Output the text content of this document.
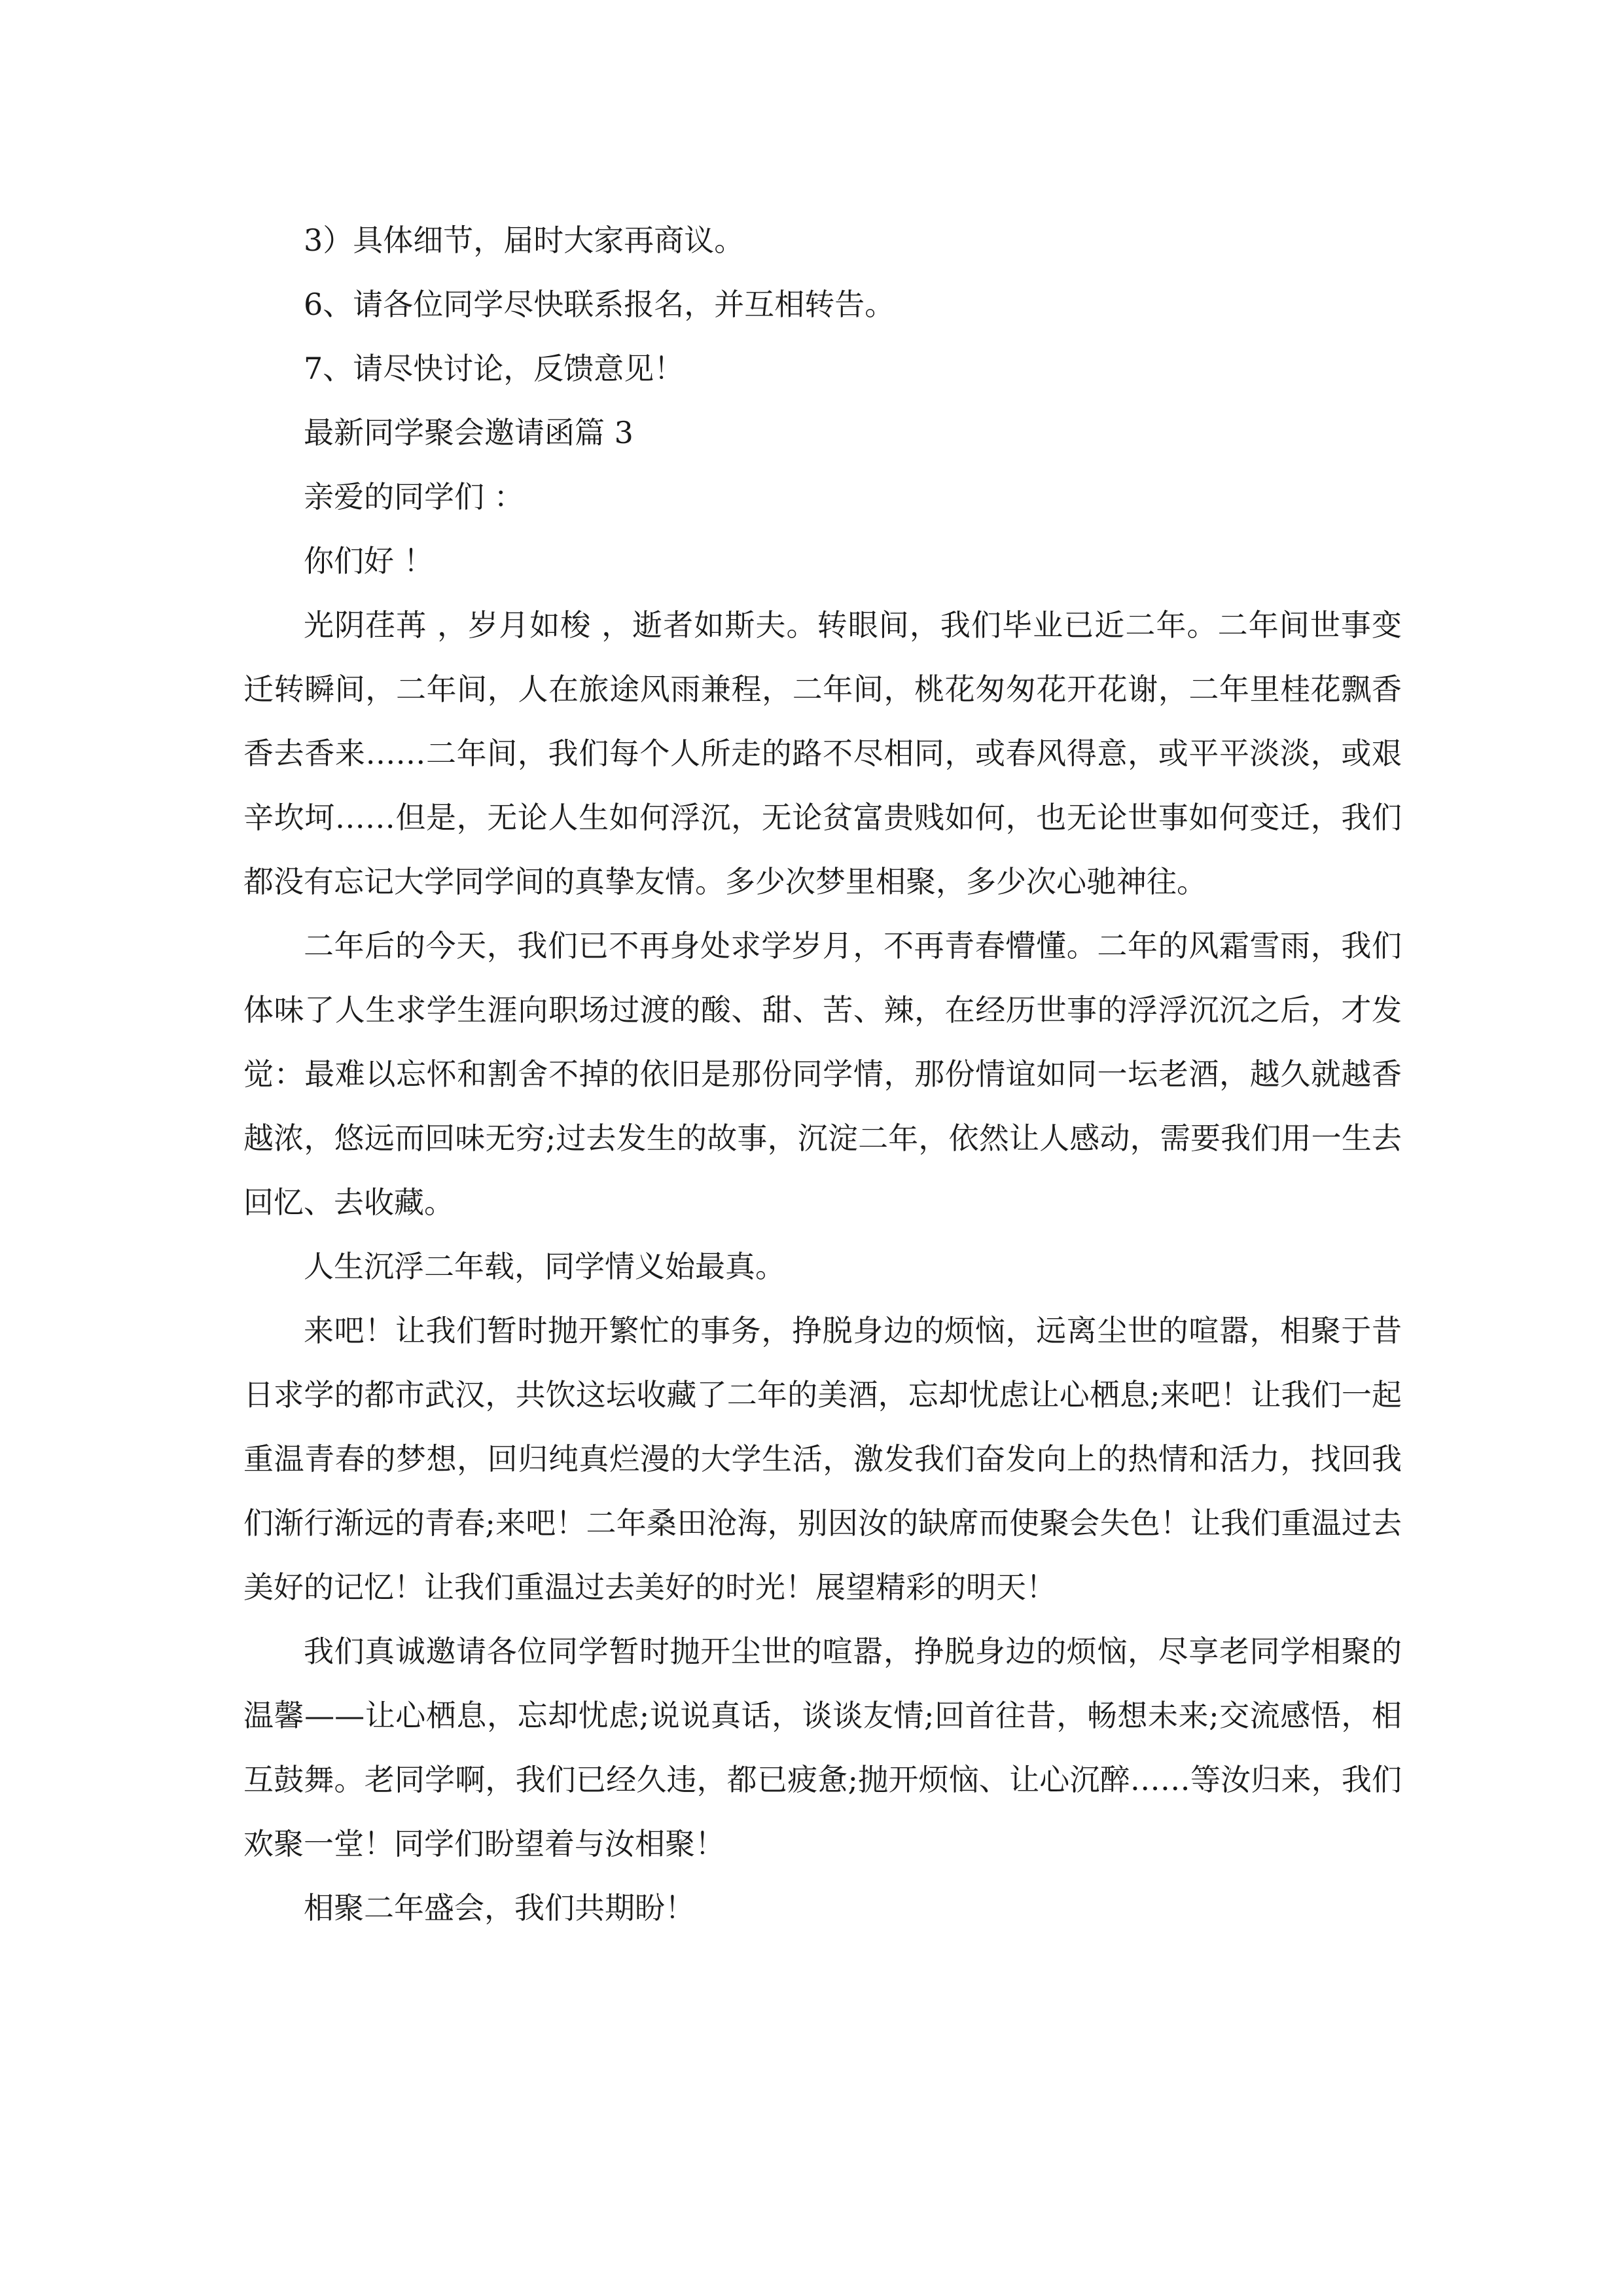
3）具体细节，届时大家再商议。

6、请各位同学尽快联系报名，并互相转告。

7、请尽快讨论，反馈意见！

最新同学聚会邀请函篇 3

亲爱的同学们 ：

你们好 ！

光阴荏苒 ，岁月如梭 ，逝者如斯夫。转眼间，我们毕业已近二年。二年间世事变迁转瞬间，二年间，人在旅途风雨兼程，二年间，桃花匆匆花开花谢，二年里桂花飘香香去香来……二年间，我们每个人所走的路不尽相同，或春风得意，或平平淡淡，或艰辛坎坷……但是，无论人生如何浮沉，无论贫富贵贱如何，也无论世事如何变迁，我们都没有忘记大学同学间的真挚友情。多少次梦里相聚，多少次心驰神往。

二年后的今天，我们已不再身处求学岁月，不再青春懵懂。二年的风霜雪雨，我们体味了人生求学生涯向职场过渡的酸、甜、苦、辣，在经历世事的浮浮沉沉之后，才发觉：最难以忘怀和割舍不掉的依旧是那份同学情，那份情谊如同一坛老酒，越久就越香越浓，悠远而回味无穷;过去发生的故事，沉淀二年，依然让人感动，需要我们用一生去回忆、去收藏。

人生沉浮二年载，同学情义始最真。

来吧！让我们暂时抛开繁忙的事务，挣脱身边的烦恼，远离尘世的喧嚣，相聚于昔日求学的都市武汉，共饮这坛收藏了二年的美酒，忘却忧虑让心栖息;来吧！让我们一起重温青春的梦想，回归纯真烂漫的大学生活，激发我们奋发向上的热情和活力，找回我们渐行渐远的青春;来吧！二年桑田沧海，别因汝的缺席而使聚会失色！让我们重温过去美好的记忆！让我们重温过去美好的时光！展望精彩的明天！

我们真诚邀请各位同学暂时抛开尘世的喧嚣，挣脱身边的烦恼，尽享老同学相聚的温馨——让心栖息，忘却忧虑;说说真话，谈谈友情;回首往昔，畅想未来;交流感悟，相互鼓舞。老同学啊，我们已经久违，都已疲惫;抛开烦恼、让心沉醉……等汝归来，我们欢聚一堂！同学们盼望着与汝相聚！

相聚二年盛会，我们共期盼！
